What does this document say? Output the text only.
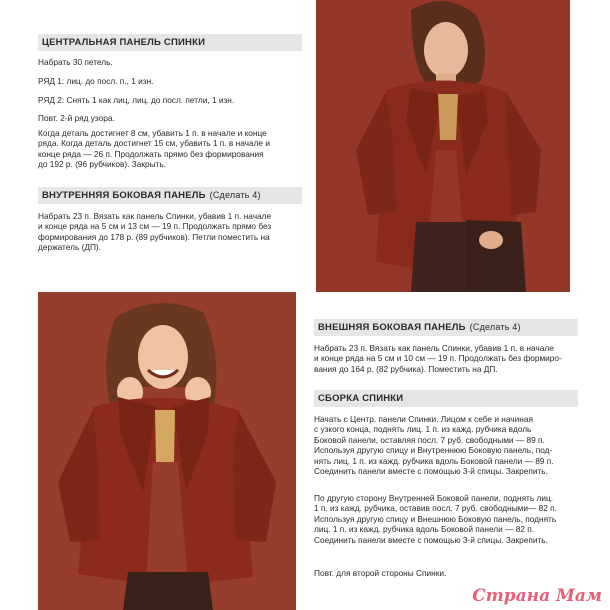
ЦЕНТРАЛЬНАЯ ПАНЕЛЬ СПИНКИ
Набрать 30 петель.
РЯД 1: лиц. до посл. п., 1 изн.
РЯД 2: Снять 1 как лиц, лиц. до посл. петли, 1 изн.
Повт. 2-й ряд узора.
Когда деталь достигнет 8 см, убавить 1 п. в начале и конце
ряда. Когда деталь достигнет 15 см, убавить 1 п. в начале и
конце ряда — 26 п. Продолжать прямо без формирования
до 192 р. (96 рубчиков). Закрыть.
ВНУТРЕННЯЯ БОКОВАЯ ПАНЕЛЬ (Сделать 4)
Набрать 23 п. Вязать как панель Спинки, убавив 1 п. начале
и конце ряда на 5 см и 13 см — 19 п. Продолжать прямо без
формирования до 178 р. (89 рубчиков). Петли поместить на
держатель (ДП).
ВНЕШНЯЯ БОКОВАЯ ПАНЕЛЬ (Сделать 4)
Набрать 23 п. Вязать как панель Спинки, убавив 1 п. в начале
и конце ряда на 5 см и 10 см — 19 п. Продолжать без формиро-
вания до 164 р. (82 рубчика). Поместить на ДП.
СБОРКА СПИНКИ
Начать с Центр. панели Спинки. Лицом к себе и начиная
с узкого конца, поднять лиц. 1 п. из кажд. рубчика вдоль
Боковой панели, оставляя посл. 7 руб. свободными — 89 п.
Используя другую спицу и Внутреннюю Боковую панель, под-
нять лиц. 1 п. из кажд. рубчика вдоль Боковой панели — 89 п.
Соединить панели вместе с помощью 3-й спицы. Закрепить.
По другую сторону Внутренней Боковой панели, поднять лиц.
1 п. из кажд. рубчика, оставив посл. 7 руб. свободными— 82 п.
Используя другую спицу и Внешнюю Боковую панель, поднять
лиц. 1 п. из кажд. рубчика вдоль Боковой панели — 82 п.
Соединить панели вместе с помощью 3-й спицы. Закрепить.
Повт. для второй стороны Спинки.
Страна Мам
